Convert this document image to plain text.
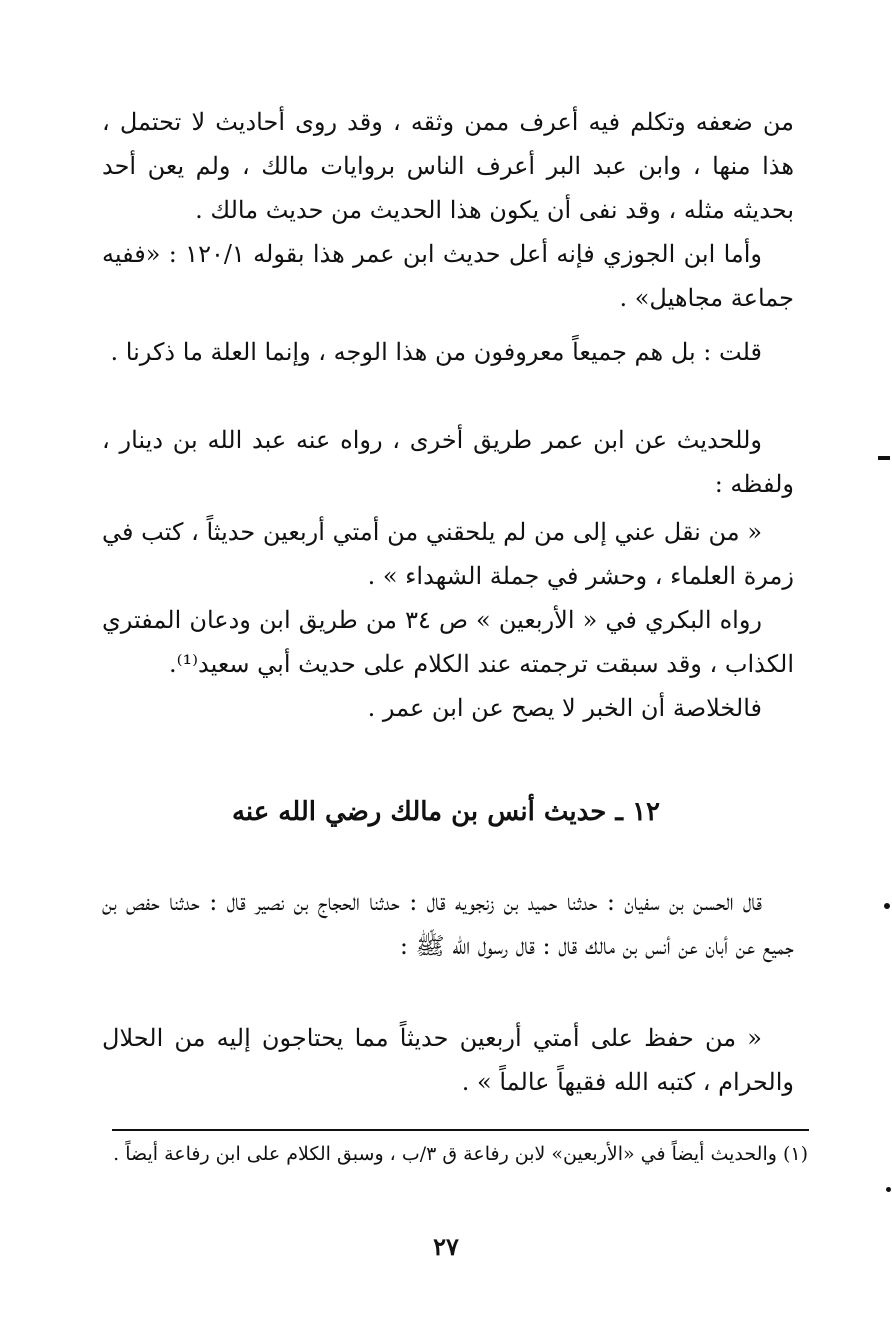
من ضعفه وتكلم فيه أعرف ممن وثقه ، وقد روى أحاديث لا تحتمل ، هذا منها ، وابن عبد البر أعرف الناس بروايات مالك ، ولم يعن أحد بحديثه مثله ، وقد نفى أن يكون هذا الحديث من حديث مالك .

وأما ابن الجوزي فإنه أعل حديث ابن عمر هذا بقوله ١٢٠/١ : «ففيه جماعة مجاهيل» .

قلت : بل هم جميعاً معروفون من هذا الوجه ، وإنما العلة ما ذكرنا .

وللحديث عن ابن عمر طريق أخرى ، رواه عنه عبد الله بن دينار ، ولفظه :

« من نقل عني إلى من لم يلحقني من أمتي أربعين حديثاً ، كتب في زمرة العلماء ، وحشر في جملة الشهداء » .

رواه البكري في « الأربعين » ص ٣٤ من طريق ابن ودعان المفتري الكذاب ، وقد سبقت ترجمته عند الكلام على حديث أبي سعيد⁽¹⁾.

فالخلاصة أن الخبر لا يصح عن ابن عمر .

١٢ ـ حديث أنس بن مالك رضي الله عنه

قال الحسن بن سفيان : حدثنا حميد بن زنجويه قال : حدثنا الحجاج بن نصير قال : حدثنا حفص بن جميع عن أبان عن أنس بن مالك قال : قال رسول الله ﷺ :

« من حفظ على أمتي أربعين حديثاً مما يحتاجون إليه من الحلال والحرام ، كتبه الله فقيهاً عالماً » .

(١) والحديث أيضاً في «الأربعين» لابن رفاعة ق ٣/ب ، وسبق الكلام على ابن رفاعة أيضاً .

٢٧
